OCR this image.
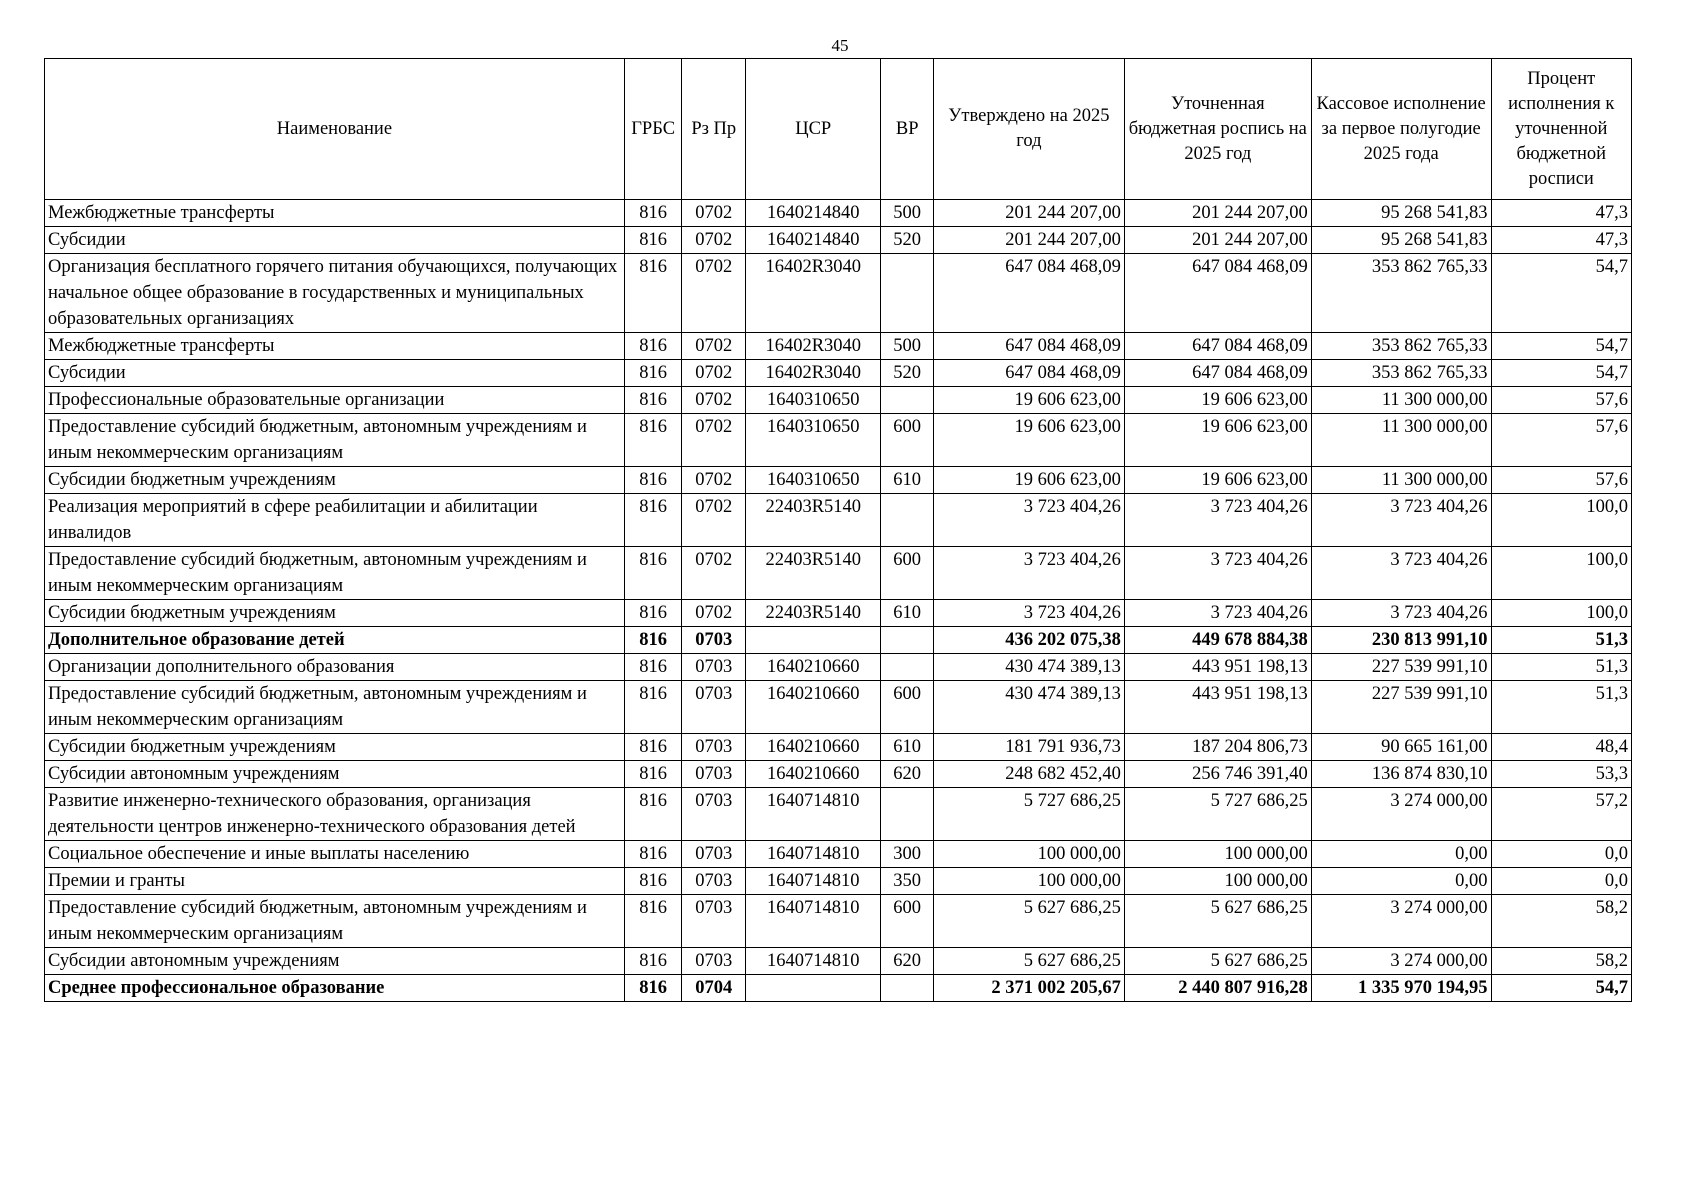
45
Наименование	ГРБС	Рз Пр	ЦСР	ВР	Утверждено на 2025 год	Уточненная бюджетная роспись на 2025 год	Кассовое исполнение за первое полугодие 2025 года	Процент исполнения к уточненной бюджетной росписи
Межбюджетные трансферты	816	0702	1640214840	500	201 244 207,00	201 244 207,00	95 268 541,83	47,3
Субсидии	816	0702	1640214840	520	201 244 207,00	201 244 207,00	95 268 541,83	47,3
Организация бесплатного горячего питания обучающихся, получающих начальное общее образование в государственных и муниципальных образовательных организациях	816	0702	16402R3040		647 084 468,09	647 084 468,09	353 862 765,33	54,7
Межбюджетные трансферты	816	0702	16402R3040	500	647 084 468,09	647 084 468,09	353 862 765,33	54,7
Субсидии	816	0702	16402R3040	520	647 084 468,09	647 084 468,09	353 862 765,33	54,7
Профессиональные образовательные организации	816	0702	1640310650		19 606 623,00	19 606 623,00	11 300 000,00	57,6
Предоставление субсидий бюджетным, автономным учреждениям и иным некоммерческим организациям	816	0702	1640310650	600	19 606 623,00	19 606 623,00	11 300 000,00	57,6
Субсидии бюджетным учреждениям	816	0702	1640310650	610	19 606 623,00	19 606 623,00	11 300 000,00	57,6
Реализация мероприятий в сфере реабилитации и абилитации инвалидов	816	0702	22403R5140		3 723 404,26	3 723 404,26	3 723 404,26	100,0
Предоставление субсидий бюджетным, автономным учреждениям и иным некоммерческим организациям	816	0702	22403R5140	600	3 723 404,26	3 723 404,26	3 723 404,26	100,0
Субсидии бюджетным учреждениям	816	0702	22403R5140	610	3 723 404,26	3 723 404,26	3 723 404,26	100,0
Дополнительное образование детей	816	0703			436 202 075,38	449 678 884,38	230 813 991,10	51,3
Организации дополнительного образования	816	0703	1640210660		430 474 389,13	443 951 198,13	227 539 991,10	51,3
Предоставление субсидий бюджетным, автономным учреждениям и иным некоммерческим организациям	816	0703	1640210660	600	430 474 389,13	443 951 198,13	227 539 991,10	51,3
Субсидии бюджетным учреждениям	816	0703	1640210660	610	181 791 936,73	187 204 806,73	90 665 161,00	48,4
Субсидии автономным учреждениям	816	0703	1640210660	620	248 682 452,40	256 746 391,40	136 874 830,10	53,3
Развитие инженерно-технического образования, организация деятельности центров инженерно-технического образования детей	816	0703	1640714810		5 727 686,25	5 727 686,25	3 274 000,00	57,2
Социальное обеспечение и иные выплаты населению	816	0703	1640714810	300	100 000,00	100 000,00	0,00	0,0
Премии и гранты	816	0703	1640714810	350	100 000,00	100 000,00	0,00	0,0
Предоставление субсидий бюджетным, автономным учреждениям и иным некоммерческим организациям	816	0703	1640714810	600	5 627 686,25	5 627 686,25	3 274 000,00	58,2
Субсидии автономным учреждениям	816	0703	1640714810	620	5 627 686,25	5 627 686,25	3 274 000,00	58,2
Среднее профессиональное образование	816	0704			2 371 002 205,67	2 440 807 916,28	1 335 970 194,95	54,7
